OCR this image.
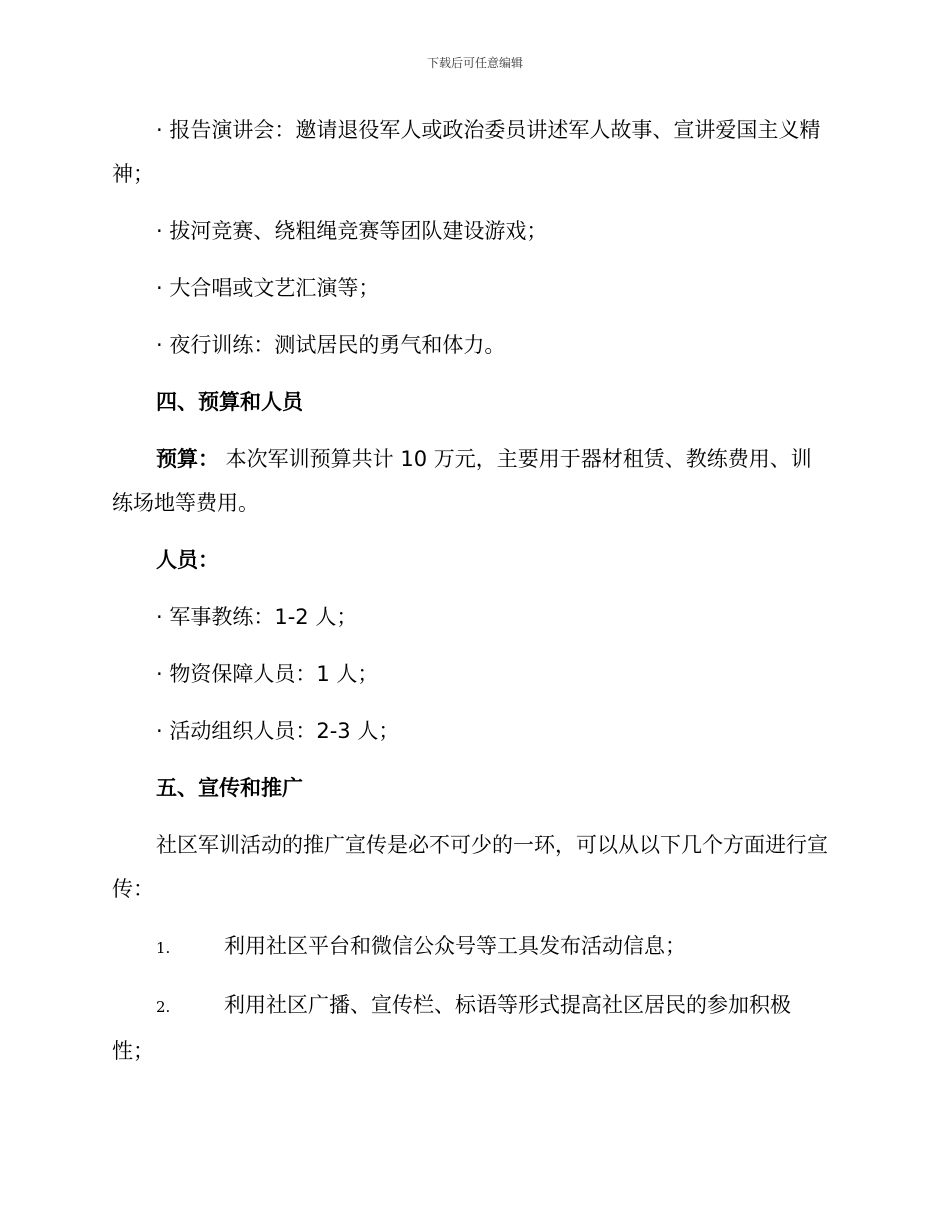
下载后可任意编辑

· 报告演讲会：邀请退役军人或政治委员讲述军人故事、宣讲爱国主义精神；

· 拔河竞赛、绕粗绳竞赛等团队建设游戏；

· 大合唱或文艺汇演等；

· 夜行训练：测试居民的勇气和体力。

四、预算和人员

预算： 本次军训预算共计 10 万元，主要用于器材租赁、教练费用、训练场地等费用。

人员：

· 军事教练：1-2 人；

· 物资保障人员：1 人；

· 活动组织人员：2-3 人；

五、宣传和推广

社区军训活动的推广宣传是必不可少的一环，可以从以下几个方面进行宣传：

1.	利用社区平台和微信公众号等工具发布活动信息；

2.	利用社区广播、宣传栏、标语等形式提高社区居民的参加积极性；
